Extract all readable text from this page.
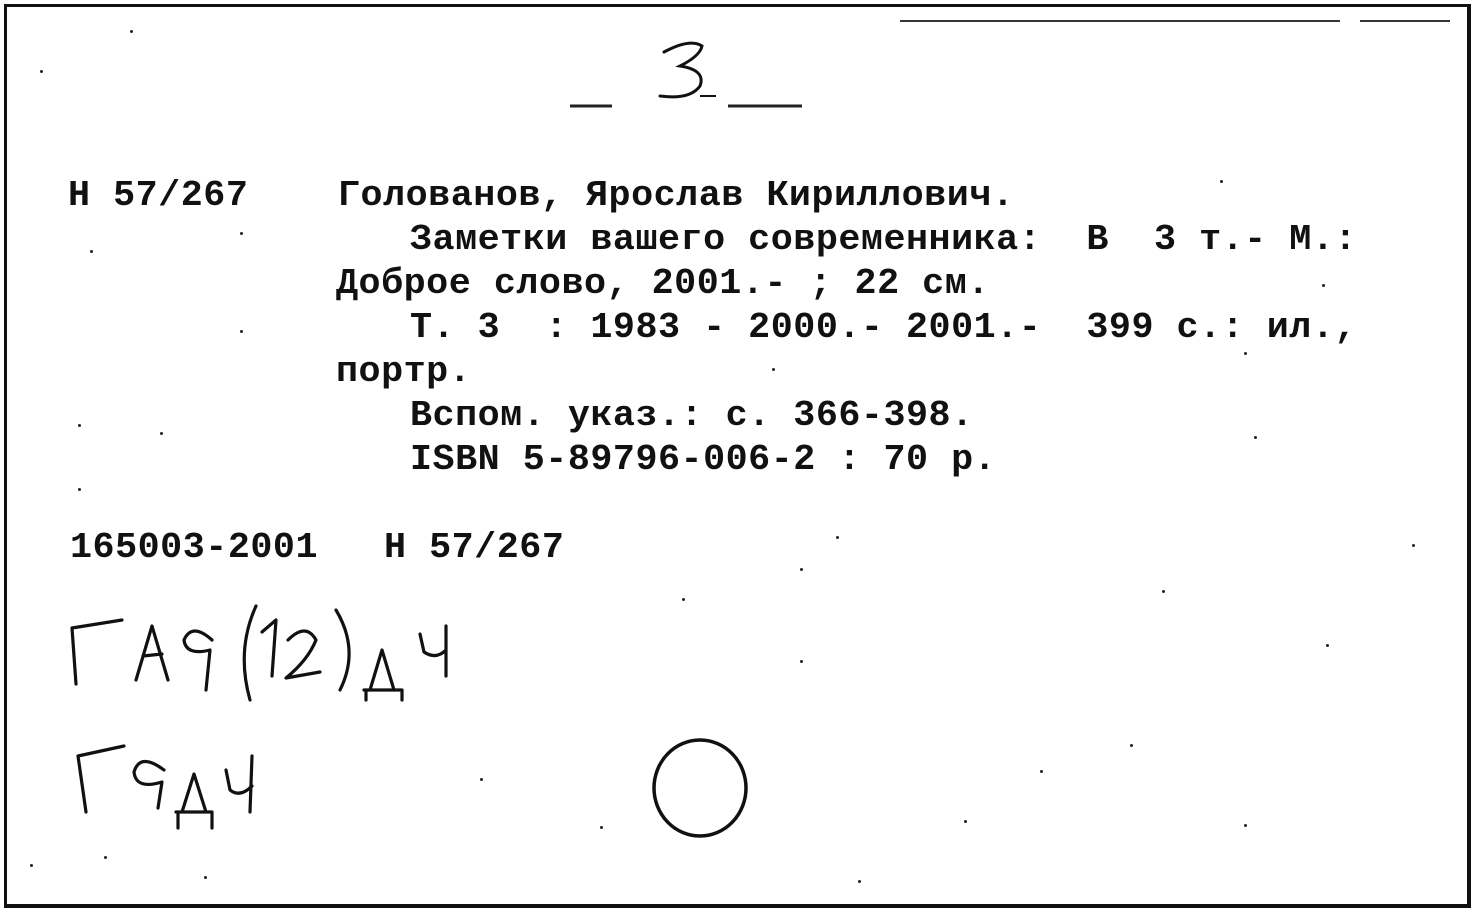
Н 57/267 Голованов, Ярослав Кириллович.
Заметки вашего современника:  В  3 т.- М.:
Доброе слово, 2001.- ; 22 см.
Т. 3  : 1983 - 2000.- 2001.-  399 с.: ил.,
портр.
Вспом. указ.: с. 366-398.
ISBN 5-89796-006-2 : 70 р.
165003-2001 Н 57/267
